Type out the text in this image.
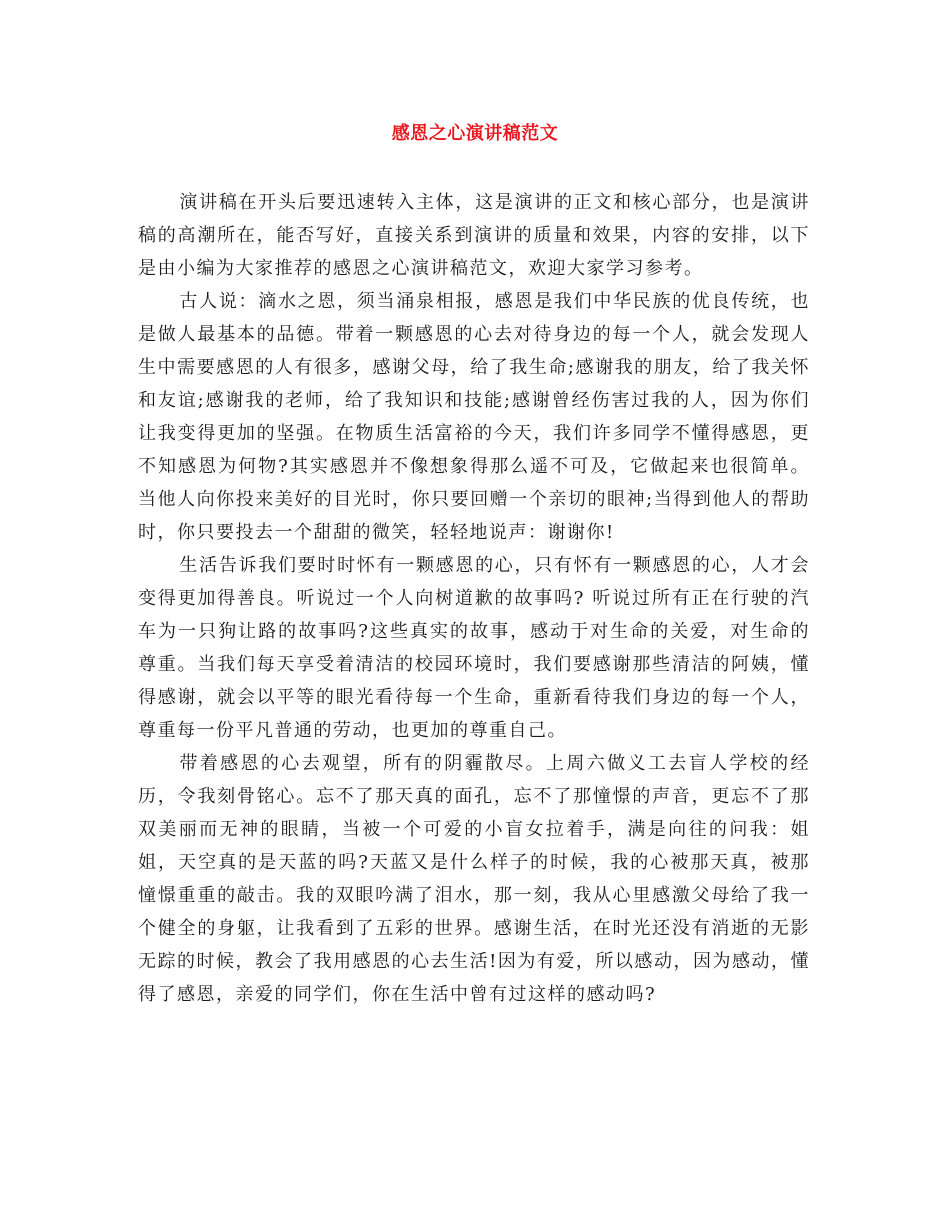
感恩之心演讲稿范文

演讲稿在开头后要迅速转入主体，这是演讲的正文和核心部分，也是演讲稿的高潮所在，能否写好，直接关系到演讲的质量和效果，内容的安排，以下是由小编为大家推荐的感恩之心演讲稿范文，欢迎大家学习参考。

古人说：滴水之恩，须当涌泉相报，感恩是我们中华民族的优良传统，也是做人最基本的品德。带着一颗感恩的心去对待身边的每一个人，就会发现人生中需要感恩的人有很多，感谢父母，给了我生命;感谢我的朋友，给了我关怀和友谊;感谢我的老师，给了我知识和技能;感谢曾经伤害过我的人，因为你们让我变得更加的坚强。在物质生活富裕的今天，我们许多同学不懂得感恩，更不知感恩为何物?其实感恩并不像想象得那么遥不可及，它做起来也很简单。当他人向你投来美好的目光时，你只要回赠一个亲切的眼神;当得到他人的帮助时，你只要投去一个甜甜的微笑，轻轻地说声：谢谢你!

生活告诉我们要时时怀有一颗感恩的心，只有怀有一颗感恩的心，人才会变得更加得善良。听说过一个人向树道歉的故事吗? 听说过所有正在行驶的汽车为一只狗让路的故事吗?这些真实的故事，感动于对生命的关爱，对生命的尊重。当我们每天享受着清洁的校园环境时，我们要感谢那些清洁的阿姨，懂得感谢，就会以平等的眼光看待每一个生命，重新看待我们身边的每一个人，尊重每一份平凡普通的劳动，也更加的尊重自己。

带着感恩的心去观望，所有的阴霾散尽。上周六做义工去盲人学校的经历，令我刻骨铭心。忘不了那天真的面孔，忘不了那憧憬的声音，更忘不了那双美丽而无神的眼睛，当被一个可爱的小盲女拉着手，满是向往的问我：姐姐，天空真的是天蓝的吗?天蓝又是什么样子的时候，我的心被那天真，被那憧憬重重的敲击。我的双眼吟满了泪水，那一刻，我从心里感激父母给了我一个健全的身躯，让我看到了五彩的世界。感谢生活，在时光还没有消逝的无影无踪的时候，教会了我用感恩的心去生活!因为有爱，所以感动，因为感动，懂得了感恩，亲爱的同学们，你在生活中曾有过这样的感动吗?
